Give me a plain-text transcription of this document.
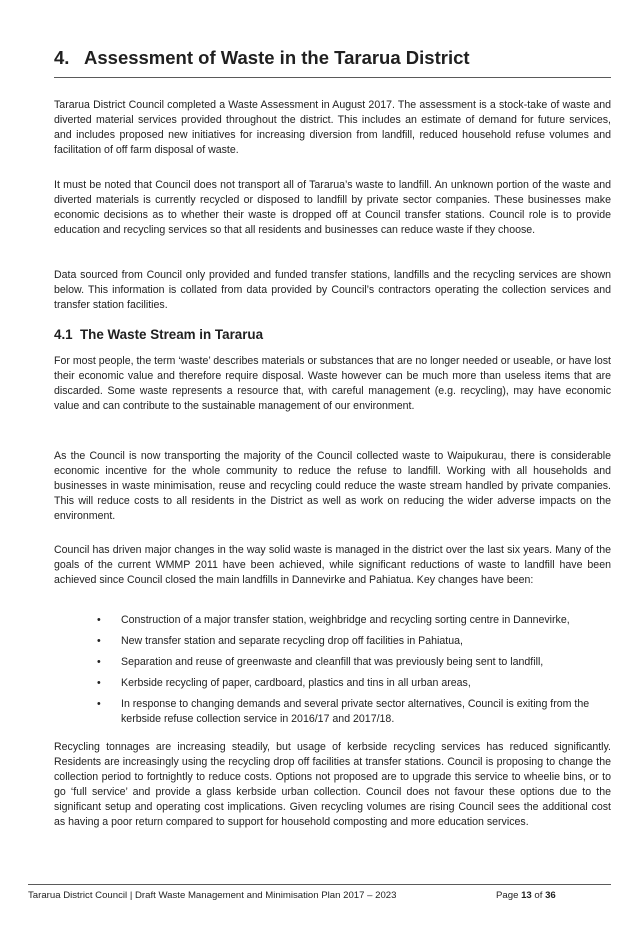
4. Assessment of Waste in the Tararua District

Tararua District Council completed a Waste Assessment in August 2017. The assessment is a stock-take of waste and diverted material services provided throughout the district. This includes an estimate of demand for future services, and includes proposed new initiatives for increasing diversion from landfill, reduced household refuse volumes and facilitation of off farm disposal of waste.

It must be noted that Council does not transport all of Tararua’s waste to landfill. An unknown portion of the waste and diverted materials is currently recycled or disposed to landfill by private sector companies. These businesses make economic decisions as to whether their waste is dropped off at Council transfer stations. Council role is to provide education and recycling services so that all residents and businesses can reduce waste if they choose.

Data sourced from Council only provided and funded transfer stations, landfills and the recycling services are shown below. This information is collated from data provided by Council’s contractors operating the collection services and transfer station facilities.

4.1 The Waste Stream in Tararua

For most people, the term ‘waste’ describes materials or substances that are no longer needed or useable, or have lost their economic value and therefore require disposal. Waste however can be much more than useless items that are discarded. Some waste represents a resource that, with careful management (e.g. recycling), may have economic value and can contribute to the sustainable management of our environment.

As the Council is now transporting the majority of the Council collected waste to Waipukurau, there is considerable economic incentive for the whole community to reduce the refuse to landfill. Working with all households and businesses in waste minimisation, reuse and recycling could reduce the waste stream handled by private companies. This will reduce costs to all residents in the District as well as work on reducing the wider adverse impacts on the environment.

Council has driven major changes in the way solid waste is managed in the district over the last six years. Many of the goals of the current WMMP 2011 have been achieved, while significant reductions of waste to landfill have been achieved since Council closed the main landfills in Dannevirke and Pahiatua. Key changes have been:

• Construction of a major transfer station, weighbridge and recycling sorting centre in Dannevirke,
• New transfer station and separate recycling drop off facilities in Pahiatua,
• Separation and reuse of greenwaste and cleanfill that was previously being sent to landfill,
• Kerbside recycling of paper, cardboard, plastics and tins in all urban areas,
• In response to changing demands and several private sector alternatives, Council is exiting from the kerbside refuse collection service in 2016/17 and 2017/18.

Recycling tonnages are increasing steadily, but usage of kerbside recycling services has reduced significantly. Residents are increasingly using the recycling drop off facilities at transfer stations. Council is proposing to change the collection period to fortnightly to reduce costs. Options not proposed are to upgrade this service to wheelie bins, or to go ‘full service’ and provide a glass kerbside urban collection. Council does not favour these options due to the significant setup and operating cost implications. Given recycling volumes are rising Council sees the additional cost as having a poor return compared to support for household composting and more education services.

Tararua District Council | Draft Waste Management and Minimisation Plan 2017 – 2023	Page 13 of 36
